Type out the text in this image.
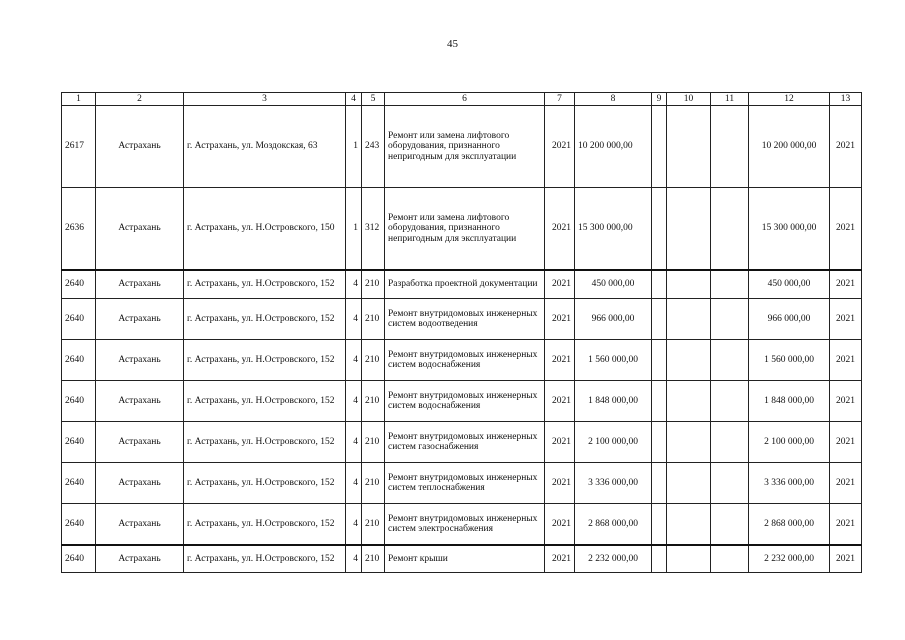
45
1	2	3	4	5	6	7	8	9	10	11	12	13
2617	Астрахань	г. Астрахань, ул. Моздокская, 63	1	243	Ремонт или замена лифтового оборудования, признанного непригодным для эксплуатации	2021	10 200 000,00				10 200 000,00	2021
2636	Астрахань	г. Астрахань, ул. Н.Островского, 150	1	312	Ремонт или замена лифтового оборудования, признанного непригодным для эксплуатации	2021	15 300 000,00				15 300 000,00	2021
2640	Астрахань	г. Астрахань, ул. Н.Островского, 152	4	210	Разработка проектной документации	2021	450 000,00				450 000,00	2021
2640	Астрахань	г. Астрахань, ул. Н.Островского, 152	4	210	Ремонт внутридомовых инженерных систем водоотведения	2021	966 000,00				966 000,00	2021
2640	Астрахань	г. Астрахань, ул. Н.Островского, 152	4	210	Ремонт внутридомовых инженерных систем водоснабжения	2021	1 560 000,00				1 560 000,00	2021
2640	Астрахань	г. Астрахань, ул. Н.Островского, 152	4	210	Ремонт внутридомовых инженерных систем водоснабжения	2021	1 848 000,00				1 848 000,00	2021
2640	Астрахань	г. Астрахань, ул. Н.Островского, 152	4	210	Ремонт внутридомовых инженерных систем газоснабжения	2021	2 100 000,00				2 100 000,00	2021
2640	Астрахань	г. Астрахань, ул. Н.Островского, 152	4	210	Ремонт внутридомовых инженерных систем теплоснабжения	2021	3 336 000,00				3 336 000,00	2021
2640	Астрахань	г. Астрахань, ул. Н.Островского, 152	4	210	Ремонт внутридомовых инженерных систем электроснабжения	2021	2 868 000,00				2 868 000,00	2021
2640	Астрахань	г. Астрахань, ул. Н.Островского, 152	4	210	Ремонт крыши	2021	2 232 000,00				2 232 000,00	2021
